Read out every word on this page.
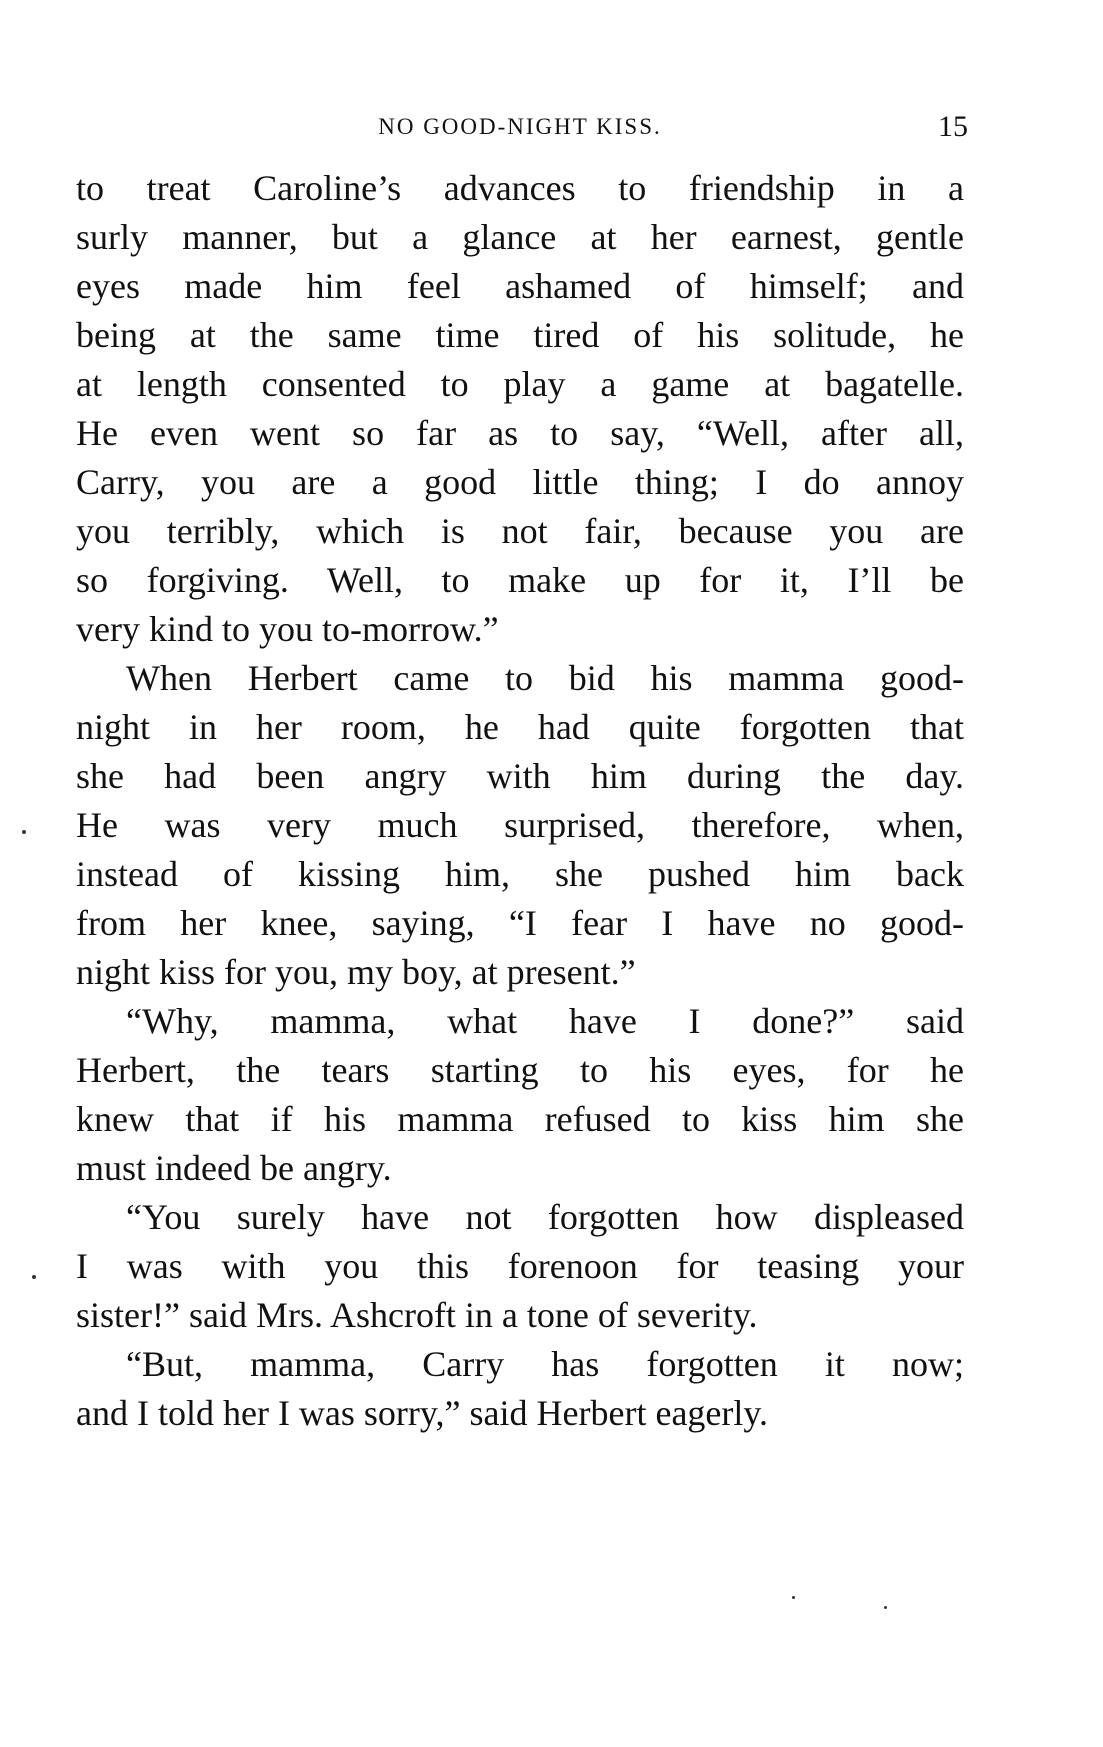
NO GOOD-NIGHT KISS.	15
to treat Caroline’s advances to friendship in a
surly manner, but a glance at her earnest, gentle
eyes made him feel ashamed of himself; and
being at the same time tired of his solitude, he
at length consented to play a game at bagatelle.
He even went so far as to say, “Well, after all,
Carry, you are a good little thing; I do annoy
you terribly, which is not fair, because you are
so forgiving. Well, to make up for it, I’ll be
very kind to you to-morrow.”
When Herbert came to bid his mamma good-
night in her room, he had quite forgotten that
she had been angry with him during the day.
He was very much surprised, therefore, when,
instead of kissing him, she pushed him back
from her knee, saying, “I fear I have no good-
night kiss for you, my boy, at present.”
“Why, mamma, what have I done?” said
Herbert, the tears starting to his eyes, for he
knew that if his mamma refused to kiss him she
must indeed be angry.
“You surely have not forgotten how displeased
I was with you this forenoon for teasing your
sister!” said Mrs. Ashcroft in a tone of severity.
“But, mamma, Carry has forgotten it now;
and I told her I was sorry,” said Herbert eagerly.
